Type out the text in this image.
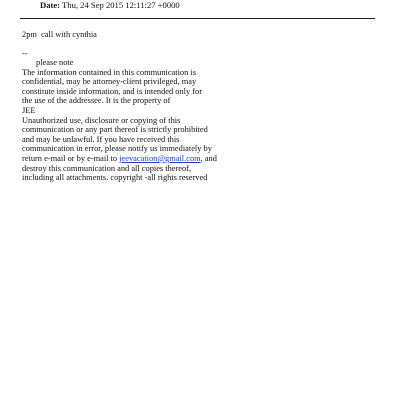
Date: Thu, 24 Sep 2015 12:11:27 +0000
2pm  call with cynthia
--
please note
The information contained in this communication is
confidential, may be attorney-client privileged, may
constitute inside information, and is intended only for
the use of the addressee. It is the property of
JEE
Unauthorized use, disclosure or copying of this
communication or any part thereof is strictly prohibited
and may be unlawful. If you have received this
communication in error, please notify us immediately by
return e-mail or by e-mail to jeevacation@gmail.com, and
destroy this communication and all copies thereof,
including all attachments. copyright -all rights reserved
